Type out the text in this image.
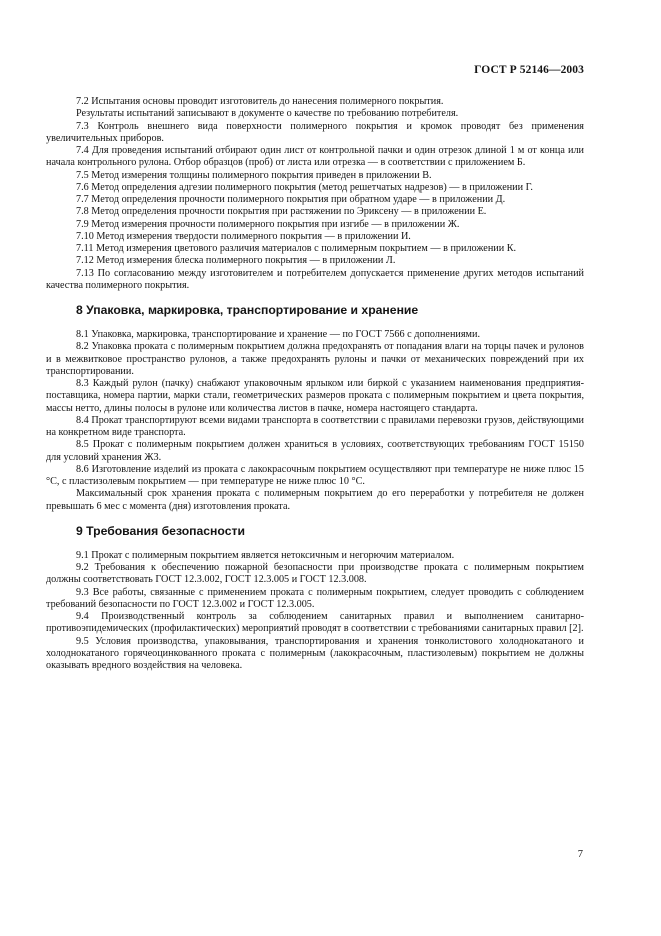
ГОСТ Р 52146—2003

7.2 Испытания основы проводит изготовитель до нанесения полимерного покрытия.

Результаты испытаний записывают в документе о качестве по требованию потребителя.

7.3 Контроль внешнего вида поверхности полимерного покрытия и кромок проводят без применения увеличительных приборов.

7.4 Для проведения испытаний отбирают один лист от контрольной пачки и один отрезок длиной 1 м от конца или начала контрольного рулона. Отбор образцов (проб) от листа или отрезка — в соответствии с приложением Б.

7.5 Метод измерения толщины полимерного покрытия приведен в приложении В.

7.6 Метод определения адгезии полимерного покрытия (метод решетчатых надрезов) — в приложении Г.

7.7 Метод определения прочности полимерного покрытия при обратном ударе — в приложении Д.

7.8 Метод определения прочности покрытия при растяжении по Эриксену — в приложении Е.

7.9 Метод измерения прочности полимерного покрытия при изгибе — в приложении Ж.

7.10 Метод измерения твердости полимерного покрытия — в приложении И.

7.11 Метод измерения цветового различия материалов с полимерным покрытием — в приложении К.

7.12 Метод измерения блеска полимерного покрытия — в приложении Л.

7.13 По согласованию между изготовителем и потребителем допускается применение других методов испытаний качества полимерного покрытия.

8 Упаковка, маркировка, транспортирование и хранение

8.1 Упаковка, маркировка, транспортирование и хранение — по ГОСТ 7566 с дополнениями.

8.2 Упаковка проката с полимерным покрытием должна предохранять от попадания влаги на торцы пачек и рулонов и в межвитковое пространство рулонов, а также предохранять рулоны и пачки от механических повреждений при их транспортировании.

8.3 Каждый рулон (пачку) снабжают упаковочным ярлыком или биркой с указанием наименования предприятия-поставщика, номера партии, марки стали, геометрических размеров проката с полимерным покрытием и цвета покрытия, массы нетто, длины полосы в рулоне или количества листов в пачке, номера настоящего стандарта.

8.4 Прокат транспортируют всеми видами транспорта в соответствии с правилами перевозки грузов, действующими на конкретном виде транспорта.

8.5 Прокат с полимерным покрытием должен храниться в условиях, соответствующих требованиям ГОСТ 15150 для условий хранения Ж3.

8.6 Изготовление изделий из проката с лакокрасочным покрытием осуществляют при температуре не ниже плюс 15 °С, с пластизолевым покрытием — при температуре не ниже плюс 10 °С.

Максимальный срок хранения проката с полимерным покрытием до его переработки у потребителя не должен превышать 6 мес с момента (дня) изготовления проката.

9 Требования безопасности

9.1 Прокат с полимерным покрытием является нетоксичным и негорючим материалом.

9.2 Требования к обеспечению пожарной безопасности при производстве проката с полимерным покрытием должны соответствовать ГОСТ 12.3.002, ГОСТ 12.3.005 и ГОСТ 12.3.008.

9.3 Все работы, связанные с применением проката с полимерным покрытием, следует проводить с соблюдением требований безопасности по ГОСТ 12.3.002 и ГОСТ 12.3.005.

9.4 Производственный контроль за соблюдением санитарных правил и выполнением санитарно-противоэпидемических (профилактических) мероприятий проводят в соответствии с требованиями санитарных правил [2].

9.5 Условия производства, упаковывания, транспортирования и хранения тонколистового холоднокатаного и холоднокатаного горячеоцинкованного проката с полимерным (лакокрасочным, пластизолевым) покрытием не должны оказывать вредного воздействия на человека.

7
